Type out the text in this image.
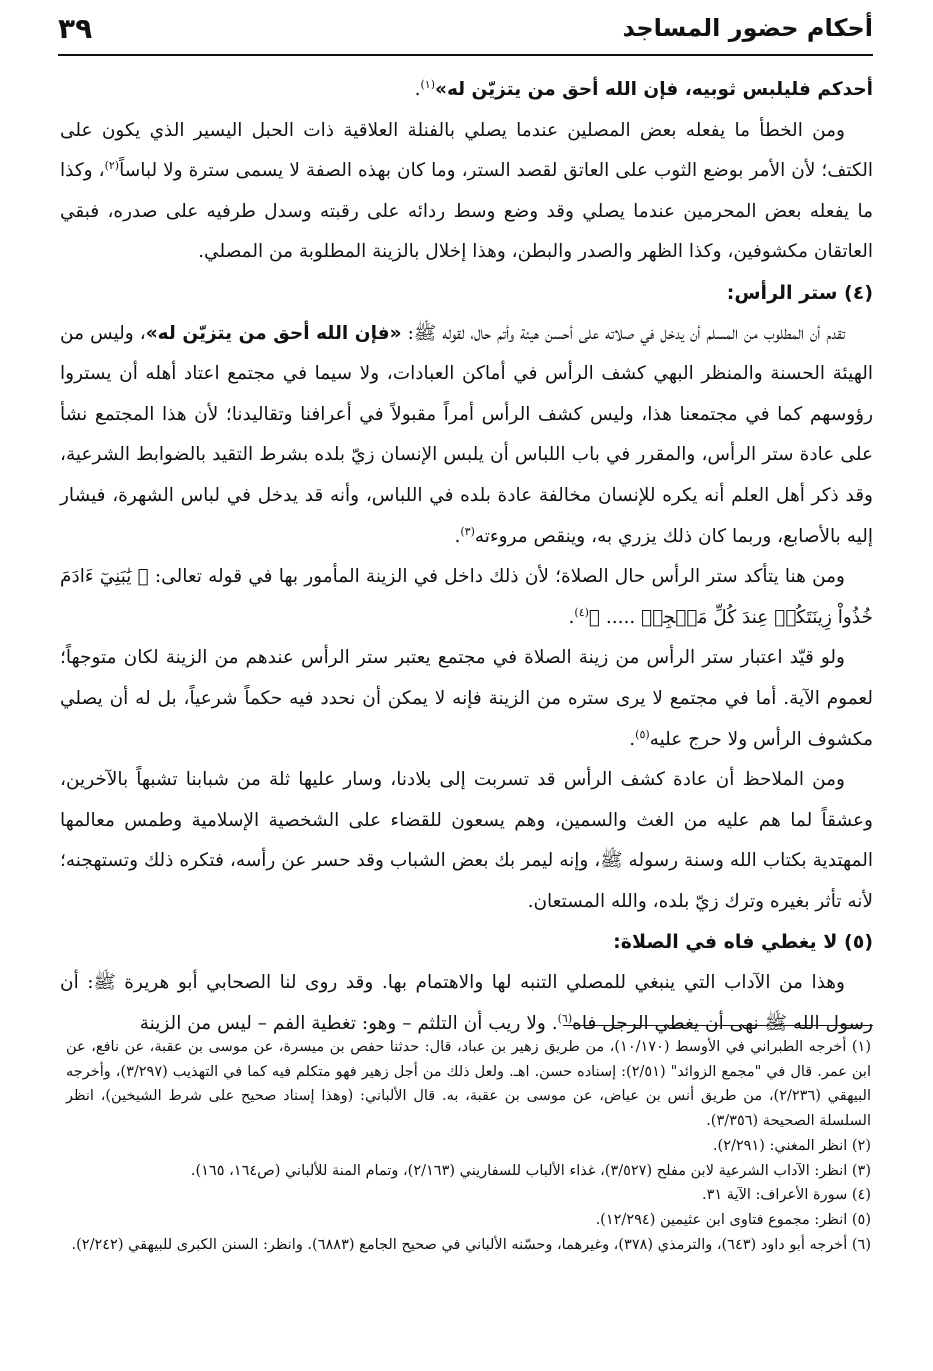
أحكام حضور المساجد
٣٩

أحدكم فليلبس ثوبيه، فإن الله أحق من يتزيّن له»$^{(١)}$.

ومن الخطأ ما يفعله بعض المصلين عندما يصلي بالفنلة العلاقية ذات الحبل اليسير الذي يكون على الكتف؛ لأن الأمر بوضع الثوب على العاتق لقصد الستر، وما كان بهذه الصفة لا يسمى سترة ولا لباساً$^{(٢)}$، وكذا ما يفعله بعض المحرمين عندما يصلي وقد وضع وسط ردائه على رقبته وسدل طرفيه على صدره، فبقي العاتقان مكشوفين، وكذا الظهر والصدر والبطن، وهذا إخلال بالزينة المطلوبة من المصلي.

(٤) ستر الرأس:

تقدم أن المطلوب من المسلم أن يدخل في صلاته على أحسن هيئة وأتم حال، لقوله ﷺ: «فإن الله أحق من يتزيّن له»، وليس من الهيئة الحسنة والمنظر البهي كشف الرأس في أماكن العبادات، ولا سيما في مجتمع اعتاد أهله أن يستروا رؤوسهم كما في مجتمعنا هذا، وليس كشف الرأس أمراً مقبولاً في أعرافنا وتقاليدنا؛ لأن هذا المجتمع نشأ على عادة ستر الرأس، والمقرر في باب اللباس أن يلبس الإنسان زيّ بلده بشرط التقيد بالضوابط الشرعية، وقد ذكر أهل العلم أنه يكره للإنسان مخالفة عادة بلده في اللباس، وأنه قد يدخل في لباس الشهرة، فيشار إليه بالأصابع، وربما كان ذلك يزري به، وينقص مروءته$^{(٣)}$.

ومن هنا يتأكد ستر الرأس حال الصلاة؛ لأن ذلك داخل في الزينة المأمور بها في قوله تعالى: ﴿ يَٰبَنِيٓ ءَادَمَ خُذُواْ زِينَتَكُمۡ عِندَ كُلِّ مَسۡجِدٖ ..... ﴾$^{(٤)}$.

ولو قيّد اعتبار ستر الرأس من زينة الصلاة في مجتمع يعتبر ستر الرأس عندهم من الزينة لكان متوجهاً؛ لعموم الآية. أما في مجتمع لا يرى ستره من الزينة فإنه لا يمكن أن نحدد فيه حكماً شرعياً، بل له أن يصلي مكشوف الرأس ولا حرج عليه$^{(٥)}$.

ومن الملاحظ أن عادة كشف الرأس قد تسربت إلى بلادنا، وسار عليها ثلة من شبابنا تشبهاً بالآخرين، وعشقاً لما هم عليه من الغث والسمين، وهم يسعون للقضاء على الشخصية الإسلامية وطمس معالمها المهتدية بكتاب الله وسنة رسوله ﷺ، وإنه ليمر بك بعض الشباب وقد حسر عن رأسه، فتكره ذلك وتستهجنه؛ لأنه تأثر بغيره وترك زيّ بلده، والله المستعان.

(٥) لا يغطي فاه في الصلاة:

وهذا من الآداب التي ينبغي للمصلي التنبه لها والاهتمام بها. وقد روى لنا الصحابي أبو هريرة ﷺ: أن رسول الله ﷺ نهى أن يغطي الرجل فاه$^{(٦)}$. ولا ريب أن التلثم – وهو: تغطية الفم – ليس من الزينة

(١) أخرجه الطبراني في الأوسط (١٠/١٧٠)، من طريق زهير بن عباد، قال: حدثنا حفص بن ميسرة، عن موسى بن عقبة، عن نافع، عن ابن عمر. قال في "مجمع الزوائد" (٢/٥١): إسناده حسن. اهـ. ولعل ذلك من أجل زهير فهو متكلم فيه كما في التهذيب (٣/٢٩٧)، وأخرجه البيهقي (٢/٢٣٦)، من طريق أنس بن عياض، عن موسى بن عقبة، به. قال الألباني: (وهذا إسناد صحيح على شرط الشيخين)، انظر السلسلة الصحيحة (٣/٣٥٦).
(٢) انظر المغني: (٢/٢٩١).
(٣) انظر: الآداب الشرعية لابن مفلح (٣/٥٢٧)، غذاء الألباب للسفاريني (٢/١٦٣)، وتمام المنة للألباني (ص١٦٤، ١٦٥).
(٤) سورة الأعراف: الآية ٣١.
(٥) انظر: مجموع فتاوى ابن عثيمين (١٢/٢٩٤).
(٦) أخرجه أبو داود (٦٤٣)، والترمذي (٣٧٨)، وغيرهما، وحسّنه الألباني في صحيح الجامع (٦٨٨٣). وانظر: السنن الكبرى للبيهقي (٢/٢٤٢).
